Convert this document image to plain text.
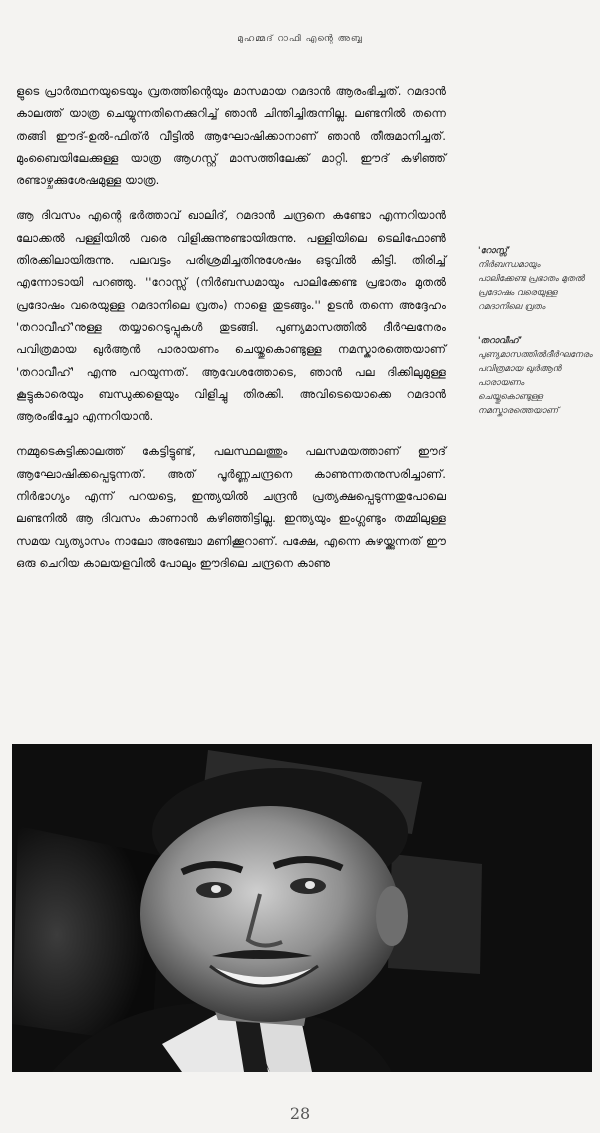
മുഹമ്മദ് റാഫി എന്റെ അബ്ബ

ളുടെ പ്രാർത്ഥനയുടെയും വ്രതത്തിന്റെയും മാസമായ റമദാൻ ആരംഭിച്ചത്. റമദാൻ കാലത്ത് യാത്ര ചെയ്യുന്നതിനെക്കുറിച്ച് ഞാൻ ചിന്തിച്ചിരുന്നില്ല. ലണ്ടനിൽ തന്നെ തങ്ങി ഈദ്-ഉൽ-ഫിത്ർ വീട്ടിൽ ആഘോഷിക്കാനാണ് ഞാൻ തീരുമാനിച്ചത്. മുംബൈയിലേക്കുള്ള യാത്ര ആഗസ്റ്റ് മാസത്തിലേക്ക് മാറ്റി. ഈദ് കഴിഞ്ഞ് രണ്ടാഴ്ചക്കുശേഷമുള്ള യാത്ര.

ആ ദിവസം എന്റെ ഭർത്താവ് ഖാലിദ്, റമദാൻ ചന്ദ്രനെ കണ്ടോ എന്നറിയാൻ ലോക്കൽ പള്ളിയിൽ വരെ വിളിക്കുന്നുണ്ടായിരുന്നു. പള്ളിയിലെ ടെലിഫോൺ തിരക്കിലായിരുന്നു. പലവട്ടം പരിശ്രമിച്ചതിനുശേഷം ഒടുവിൽ കിട്ടി. തിരിച്ച് എന്നോടായി പറഞ്ഞു. ''റോസ്സ് (നിർബന്ധമായും പാലിക്കേണ്ട പ്രഭാതം മുതൽ പ്രദോഷം വരെയുള്ള റമദാനിലെ വ്രതം) നാളെ തുടങ്ങും.'' ഉടൻ തന്നെ അദ്ദേഹം 'തറാവീഹ്'നുള്ള തയ്യാറെടുപ്പുകൾ തുടങ്ങി. പുണ്യമാസത്തിൽ ദീർഘനേരം പവിത്രമായ ഖുർആൻ പാരായണം ചെയ്തുകൊണ്ടുള്ള നമസ്കാരത്തെയാണ് 'തറാവീഹ്' എന്നു പറയുന്നത്. ആവേശത്തോടെ, ഞാൻ പല ദിക്കിലുമുള്ള കൂട്ടുകാരെയും ബന്ധുക്കളെയും വിളിച്ചു തിരക്കി. അവിടെയൊക്കെ റമദാൻ ആരംഭിച്ചോ എന്നറിയാൻ.

നമ്മുടെകുട്ടിക്കാലത്ത് കേട്ടിട്ടുണ്ട്, പലസ്ഥലത്തും പലസമയത്താണ് ഈദ് ആഘോഷിക്കപ്പെടുന്നത്. അത് പൂർണ്ണചന്ദ്രനെ കാണുന്നതനുസരിച്ചാണ്. നിർഭാഗ്യം എന്ന് പറയട്ടെ, ഇന്ത്യയിൽ ചന്ദ്രൻ പ്രത്യക്ഷപ്പെടുന്നതുപോലെ ലണ്ടനിൽ ആ ദിവസം കാണാൻ കഴിഞ്ഞിട്ടില്ല. ഇന്ത്യയും ഇംഗ്ലണ്ടും തമ്മിലുള്ള സമയ വ്യത്യാസം നാലോ അഞ്ചോ മണിക്കൂറാണ്. പക്ഷേ, എന്നെ കുഴയ്ക്കുന്നത് ഈ ഒരു ചെറിയ കാലയളവിൽ പോലും ഈദിലെ ചന്ദ്രനെ കാണു

'റോസ്സ്'
നിർബന്ധമായും പാലിക്കേണ്ട പ്രഭാതം മുതൽ പ്രദോഷം വരെയുള്ള റമദാനിലെ വ്രതം
'തറാവീഹ്'
പുണ്യമാസത്തിൽദീർഘനേരം പവിത്രമായ ഖുർആൻ പാരായണം ചെയ്തുകൊണ്ടുള്ള നമസ്കാരത്തെയാണ്
28
